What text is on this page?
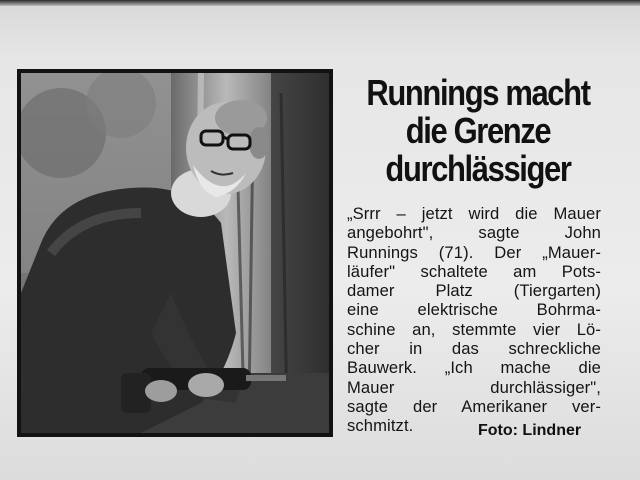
Runnings macht
die Grenze
durchlässiger
„Srrr – jetzt wird die Mauer
angebohrt", sagte John
Runnings (71). Der „Mauer-
läufer" schaltete am Pots-
damer Platz (Tiergarten)
eine elektrische Bohrma-
schine an, stemmte vier Lö-
cher in das schreckliche
Bauwerk. „Ich mache die
Mauer durchlässiger",
sagte der Amerikaner ver-
schmitzt.	Foto: Lindner
